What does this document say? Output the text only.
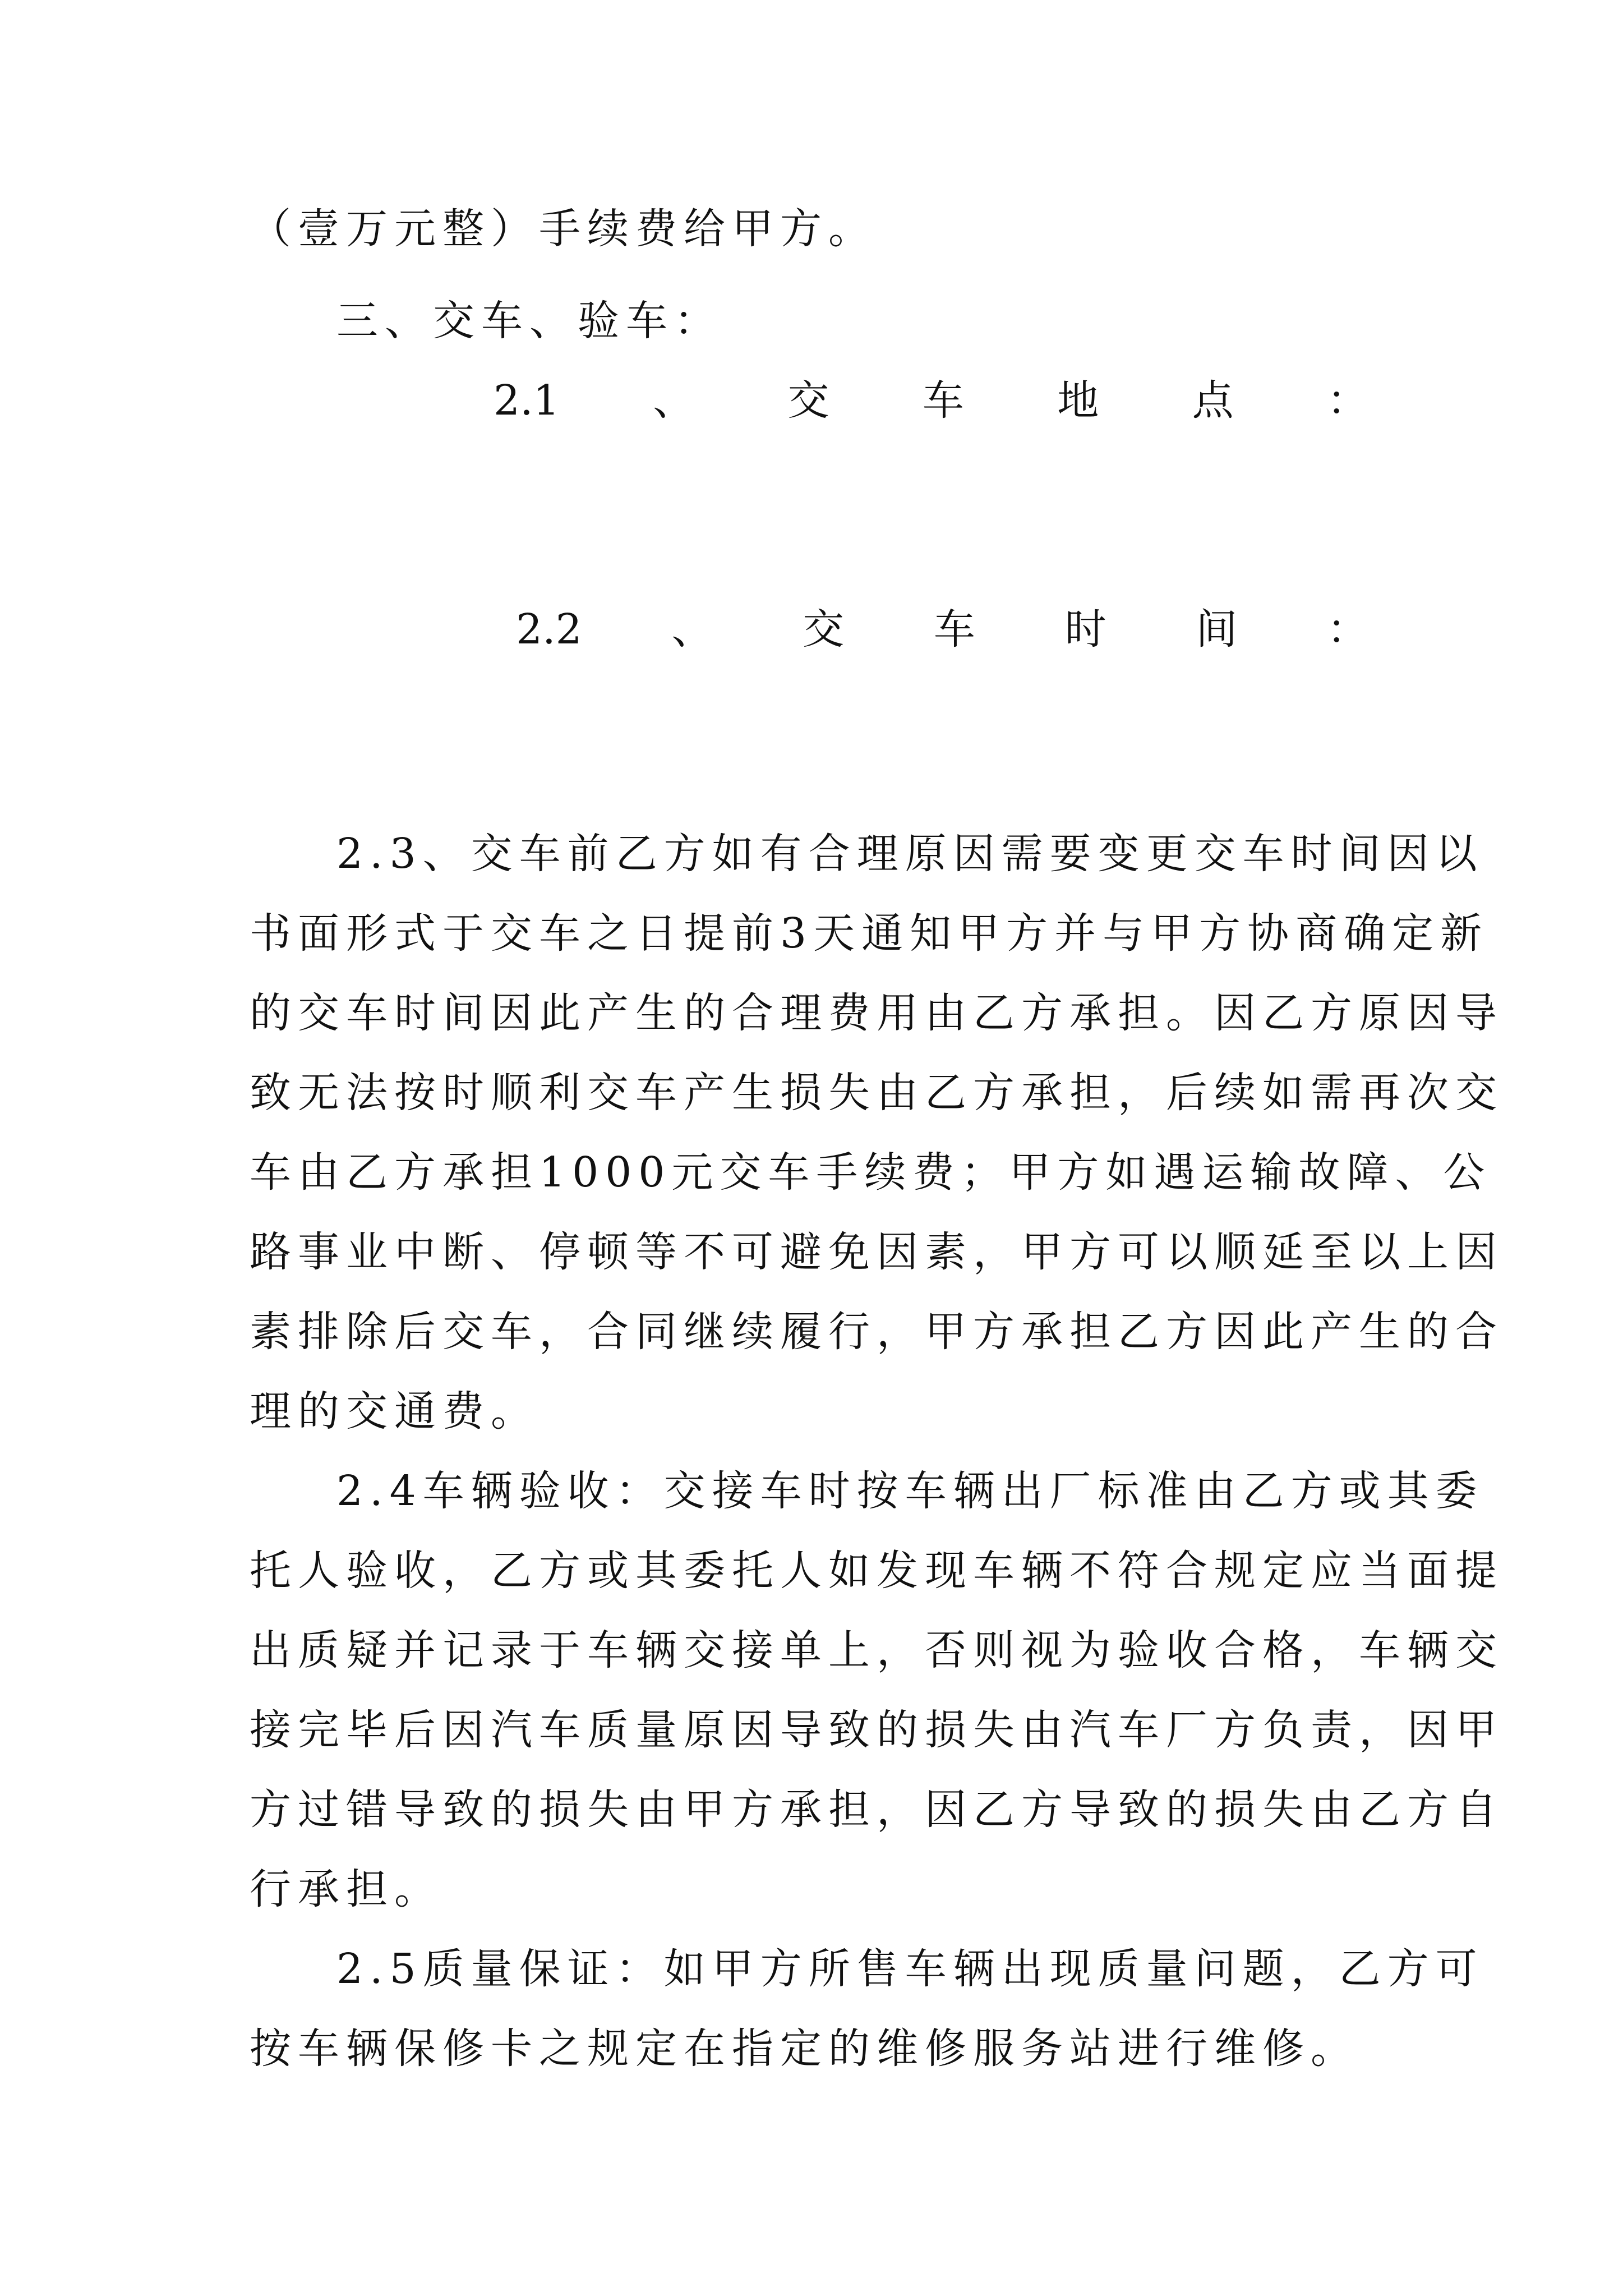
（壹万元整）手续费给甲方。
三、交车、验车：
2.1 、 交 车 地 点 ：
2.2 、 交 车 时 间 ：
2.3、交车前乙方如有合理原因需要变更交车时间因以
书面形式于交车之日提前3天通知甲方并与甲方协商确定新
的交车时间因此产生的合理费用由乙方承担。因乙方原因导
致无法按时顺利交车产生损失由乙方承担，后续如需再次交
车由乙方承担1000元交车手续费；甲方如遇运输故障、公
路事业中断、停顿等不可避免因素，甲方可以顺延至以上因
素排除后交车，合同继续履行，甲方承担乙方因此产生的合
理的交通费。
2.4车辆验收：交接车时按车辆出厂标准由乙方或其委
托人验收，乙方或其委托人如发现车辆不符合规定应当面提
出质疑并记录于车辆交接单上，否则视为验收合格，车辆交
接完毕后因汽车质量原因导致的损失由汽车厂方负责，因甲
方过错导致的损失由甲方承担，因乙方导致的损失由乙方自
行承担。
2.5质量保证：如甲方所售车辆出现质量问题，乙方可
按车辆保修卡之规定在指定的维修服务站进行维修。
